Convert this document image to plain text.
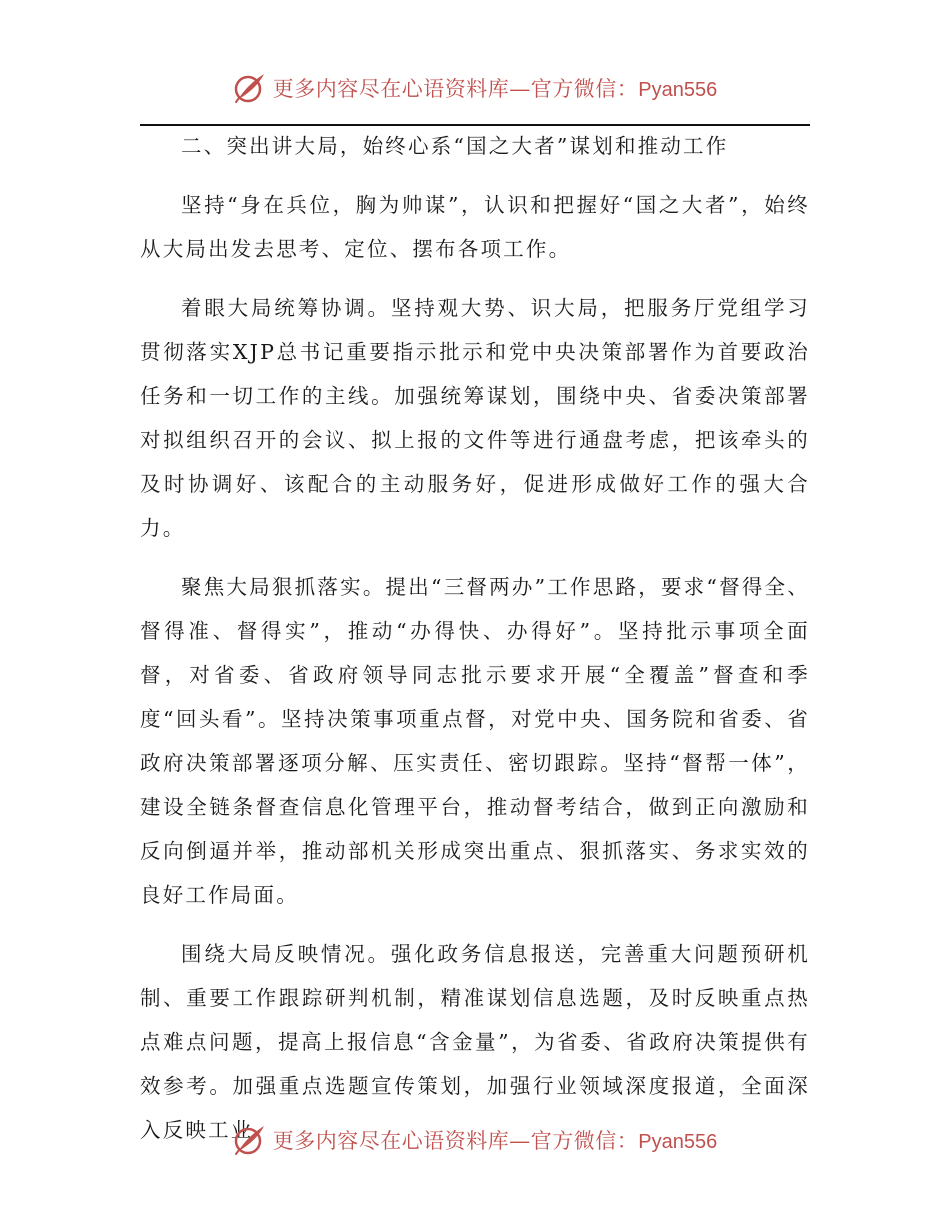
更多内容尽在心语资料库—官方微信：Pyan556

二、突出讲大局，始终心系“国之大者”谋划和推动工作

坚持“身在兵位，胸为帅谋”，认识和把握好“国之大者”，始终从大局出发去思考、定位、摆布各项工作。

着眼大局统筹协调。坚持观大势、识大局，把服务厅党组学习贯彻落实XJP总书记重要指示批示和党中央决策部署作为首要政治任务和一切工作的主线。加强统筹谋划，围绕中央、省委决策部署对拟组织召开的会议、拟上报的文件等进行通盘考虑，把该牵头的及时协调好、该配合的主动服务好，促进形成做好工作的强大合力。

聚焦大局狠抓落实。提出“三督两办”工作思路，要求“督得全、督得准、督得实”，推动“办得快、办得好”。坚持批示事项全面督，对省委、省政府领导同志批示要求开展“全覆盖”督查和季度“回头看”。坚持决策事项重点督，对党中央、国务院和省委、省政府决策部署逐项分解、压实责任、密切跟踪。坚持“督帮一体”，建设全链条督查信息化管理平台，推动督考结合，做到正向激励和反向倒逼并举，推动部机关形成突出重点、狠抓落实、务求实效的良好工作局面。

围绕大局反映情况。强化政务信息报送，完善重大问题预研机制、重要工作跟踪研判机制，精准谋划信息选题，及时反映重点热点难点问题，提高上报信息“含金量”，为省委、省政府决策提供有效参考。加强重点选题宣传策划，加强行业领域深度报道，全面深入反映工业 更多内容尽在心语资料库—官方微信：Pyan556
